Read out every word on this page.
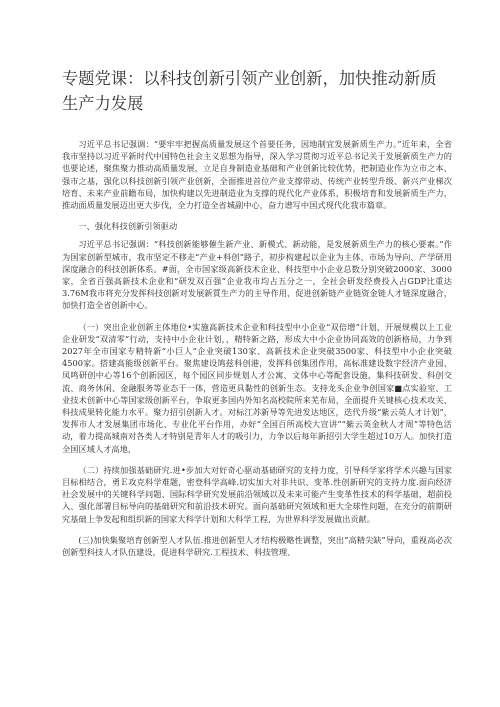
专题党课：以科技创新引领产业创新，加快推动新质生产力发展

习近平总书记强调：“要牢牢把握高质量发展这个首要任务，因地制宜发展新质生产力。”近年来，全省我市坚持以习近平新时代中国特色社会主义思想为指导，深入学习贯彻习近平总书记关于发展新质生产力的也要论述，聚焦聚力推动高质量发展，立足自身制造业基础和产业创新比较优势，把制造业作为立市之本、强市之基，强化以科技创新引领产业创新，全面推进首位产业支撑带动、传统产业转型升级、新兴产业梯次培育、未来产业前瞻布局，加快构建以先进制造业为支撑的现代化产业体系，积极培育和发展新质生产力，推动面质量发展迈出更大步伐，全力打造全省城副中心，奋力谱写中国式现代化我市篇章。

一、强化科技创新引领驱动

习近平总书记强调：“科技创新能够催生新产业、新模式、新动能，是发展新质生产力的核心要素。”作为国家创新型城市，我市坚定不移走“产业+科创”路子，初步构建起以企业为主体、市场为导向、产学研用深度融合的科技创新体系。#面，全市国家级高新技术企业、科技型中小企业总数分别突破2000家、3000家，全省百强高新技术企业和“研发双百强”企业我市均占五分之一，全社会研发经费投入占GDP比重达3.76M我市将充分发挥科技创新对发展新質生产力的主导作用，促进创新链产业链资金链人才链深度融合，加快打造全省创新中心。

（一）突出企业创新主体地位•实施高新技术企业和科技型中小企业“双倍增”计划，开展规模以上工业企业研发“双清零”行动，支持中小企业计划，，精特新之路，形成大中小企业协同高效的创新格局，力争到2027年全市国家专精特新“小巨人”企业突破130家、高新技术企业突破3500家、科技型中小企业突破4500家。搭建高能级创新平台。聚焦建设鸠兹科创港，发挥科创集团作用，高标准建设数字经济产业园、凤鸣研创中心等16个创新园区，每个园区同步规划人才公寓、文体中心等配套设施，集科技研发、科创交流、商务休闲、金融服务等业态于一体，营造更具黏性的创新生态。支持龙头企业争创国家■点实验室、工业技术创新中心等国家级创新平台，争取更多国内外知名高校院所来芜布局，全面提升关键核心技术攻关、科技成果转化能力水平。聚力招引创新人才。对标江苏新导等先进发达地区，迭代升级“紫云英人才计划”，发挥市人才发展集团市场化、专业化平台作用，办好“全国百所高校大宣讲”“紫云英金秋人才周”等特色活动，着力提高城南对各类人才特别是青年人才的吸引力，力争以后每年新招引大学生超过10万人。加快打造全国区域人才高地，

（二）持续加强基础研究.进•步加大对好奇心驱动基础研究的支持力度，引导科学家将学术兴趣与国家目标相结合，勇Ｅ攻克科学难题，密登科学高峰.切实加大对非共识、变革.性创新研究的支持力度.面向经济社会发展中的关键科学问题、国际科学研究发展前沿领域以及未来可能产生变革性技术的科学基础，超前投入、强化部署目标导向的基础研究和前沿技术研究。面向基础研究领域和更大全球性问题，在充分的前期研究基础上争发起和组织新的国家大科学计划和大科学工程，为世界科学发展做出贡献。

(三)加快集聚培育创新型人才队伍.推进创新型人才结构极略性调整，突出“高精尖缺”导向，重视高必次创新型科技人才队伍建设，促进科学研究.工程技术、科技管理、
